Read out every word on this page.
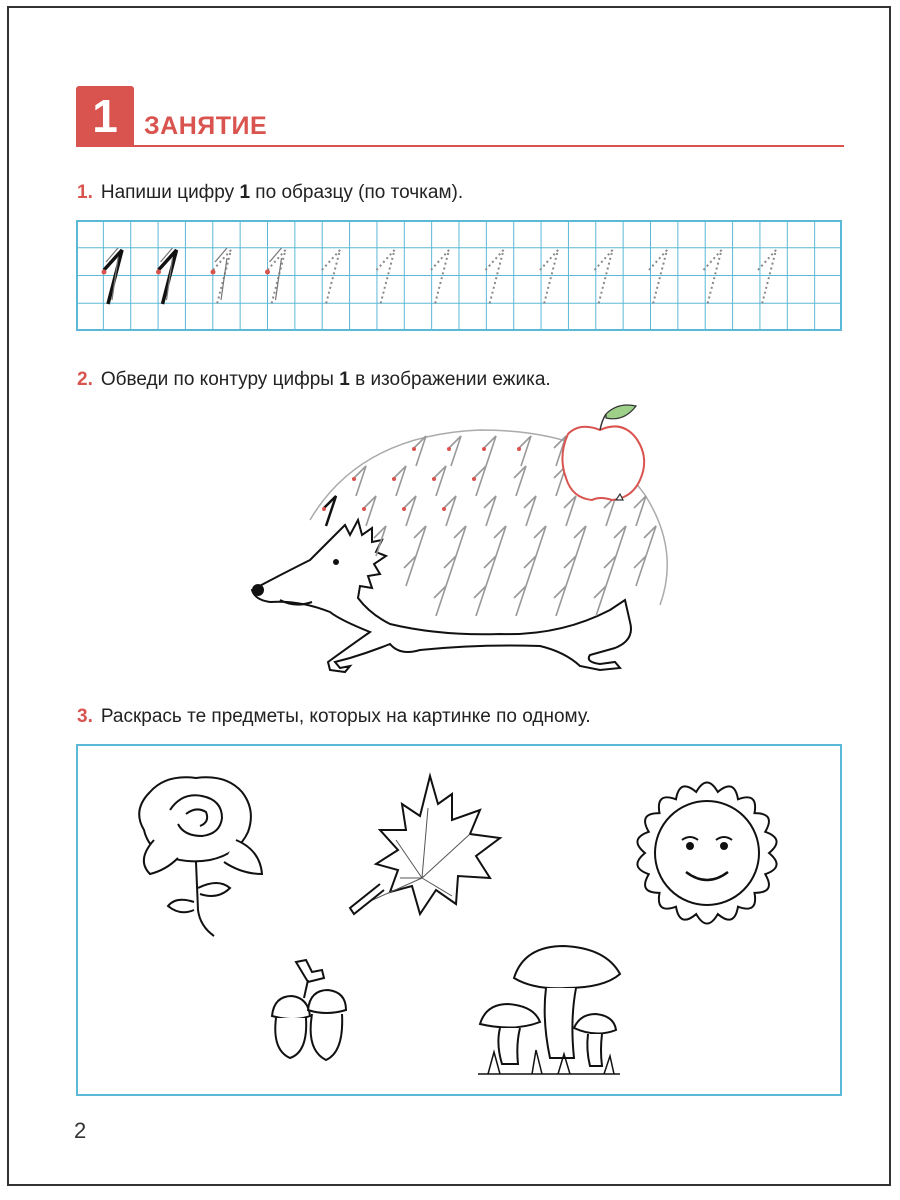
1	ЗАНЯТИЕ
1. Напиши цифру 1 по образцу (по точкам).
2. Обведи по контуру цифры 1 в изображении ежика.
3. Раскрась те предметы, которых на картинке по одному.
2
